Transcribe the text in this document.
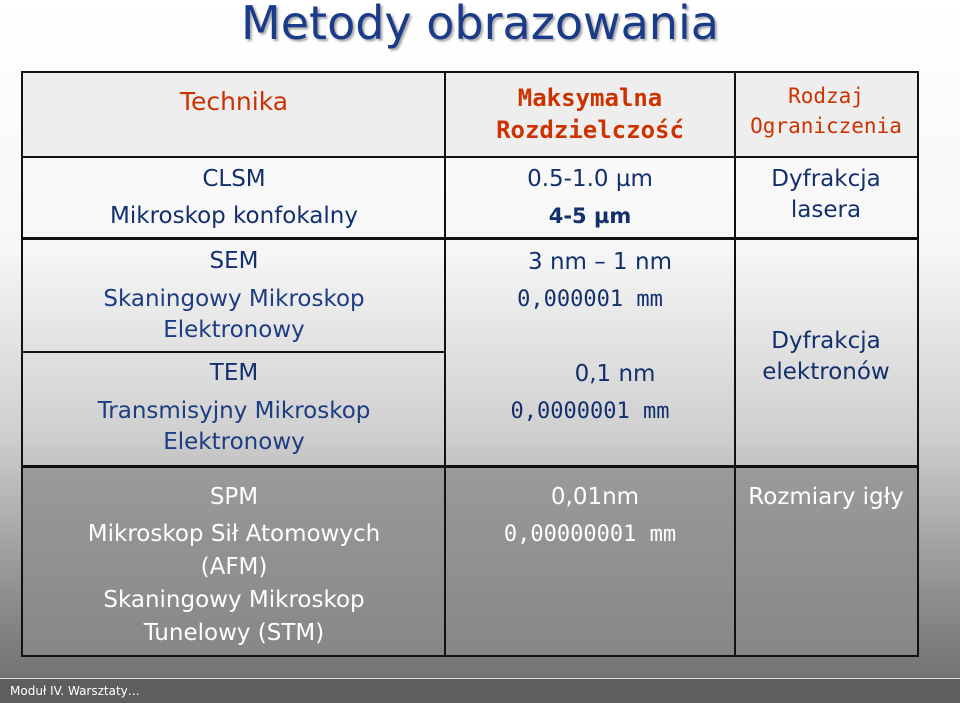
Metody obrazowania
Technika	Maksymalna
Rozdzielczość
Rodzaj
Ograniczenia
CLSM
Mikroskop konfokalny
0.5-1.0 µm
4-5 µm
Dyfrakcja
lasera
SEM
Skaningowy Mikroskop
Elektronowy
3 nm – 1 nm
0,000001 mm
TEM
Transmisyjny Mikroskop
Elektronowy
0,1 nm
0,0000001 mm
Dyfrakcja
elektronów
SPM
Mikroskop Sił Atomowych
(AFM)
Skaningowy Mikroskop
Tunelowy (STM)
0,01nm
0,00000001 mm
Rozmiary igły
Moduł IV. Warsztaty…
